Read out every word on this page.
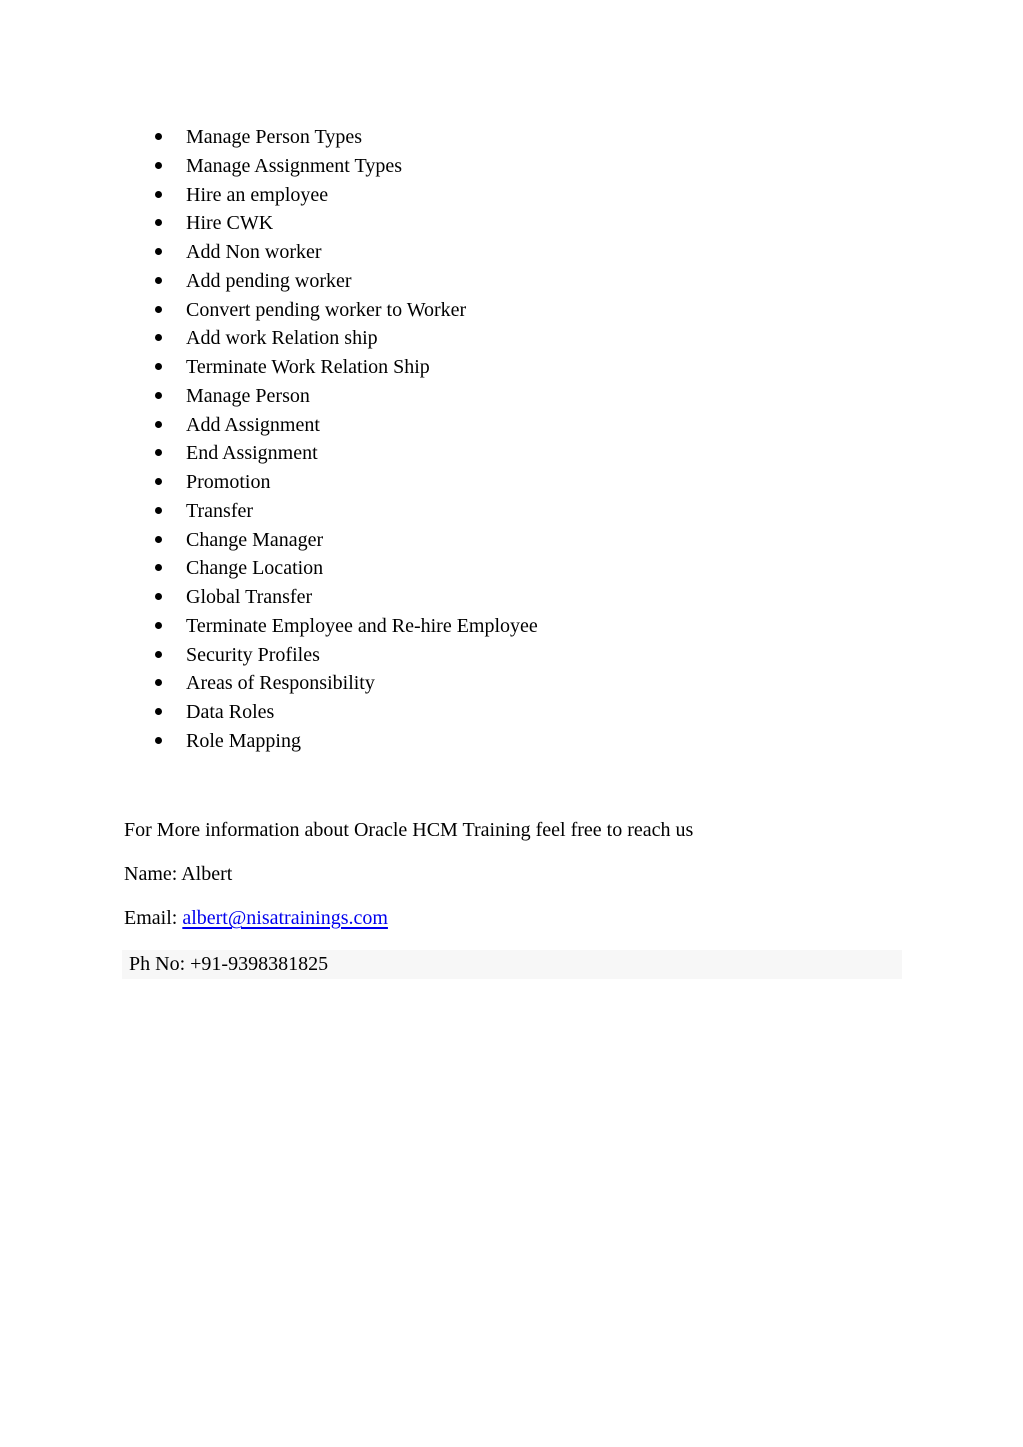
Manage Person Types
Manage Assignment Types
Hire an employee
Hire CWK
Add Non worker
Add pending worker
Convert pending worker to Worker
Add work Relation ship
Terminate Work Relation Ship
Manage Person
Add Assignment
End Assignment
Promotion
Transfer
Change Manager
Change Location
Global Transfer
Terminate Employee and Re-hire Employee
Security Profiles
Areas of Responsibility
Data Roles
Role Mapping
For More information about Oracle HCM Training feel free to reach us
Name: Albert
Email: albert@nisatrainings.com
Ph No: +91-9398381825
